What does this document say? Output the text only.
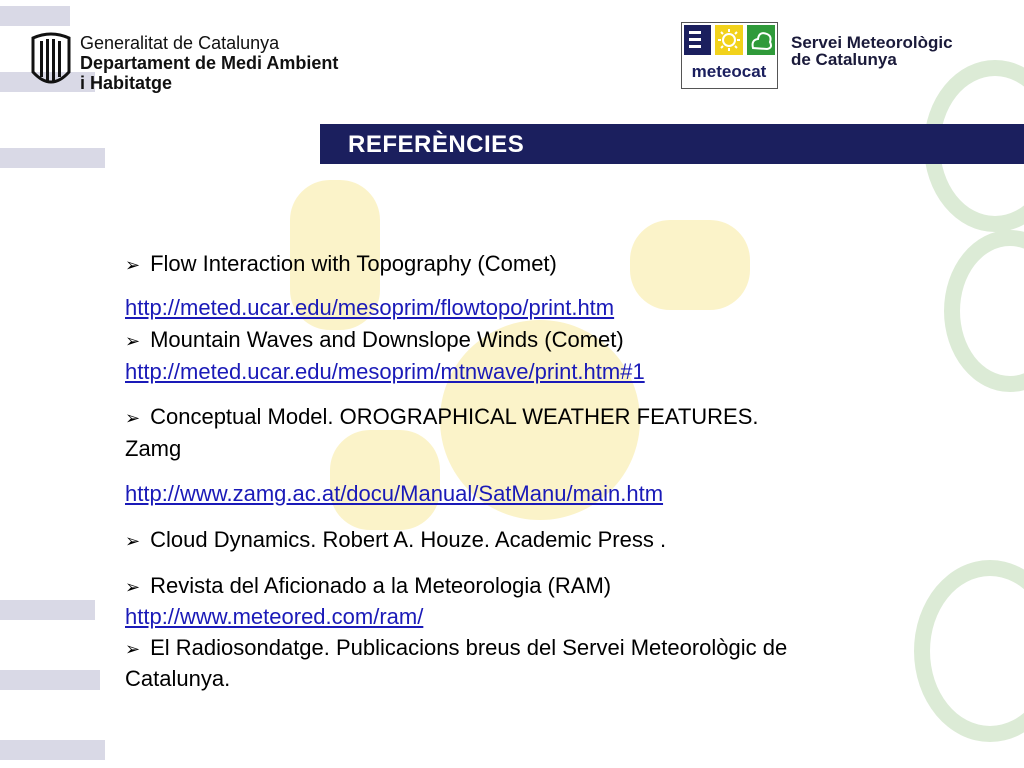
Generalitat de Catalunya
Departament de Medi Ambient
i Habitatge
meteocat
Servei Meteorològic
de Catalunya
REFERÈNCIES
➢ Flow Interaction with Topography (Comet)
http://meted.ucar.edu/mesoprim/flowtopo/print.htm
➢ Mountain Waves and Downslope Winds (Comet)
http://meted.ucar.edu/mesoprim/mtnwave/print.htm#1
➢ Conceptual Model. OROGRAPHICAL WEATHER FEATURES.
Zamg
http://www.zamg.ac.at/docu/Manual/SatManu/main.htm
➢ Cloud Dynamics. Robert A. Houze. Academic Press .
➢ Revista del Aficionado a la Meteorologia (RAM)
http://www.meteored.com/ram/
➢ El Radiosondatge. Publicacions breus del Servei Meteorològic de
Catalunya.
